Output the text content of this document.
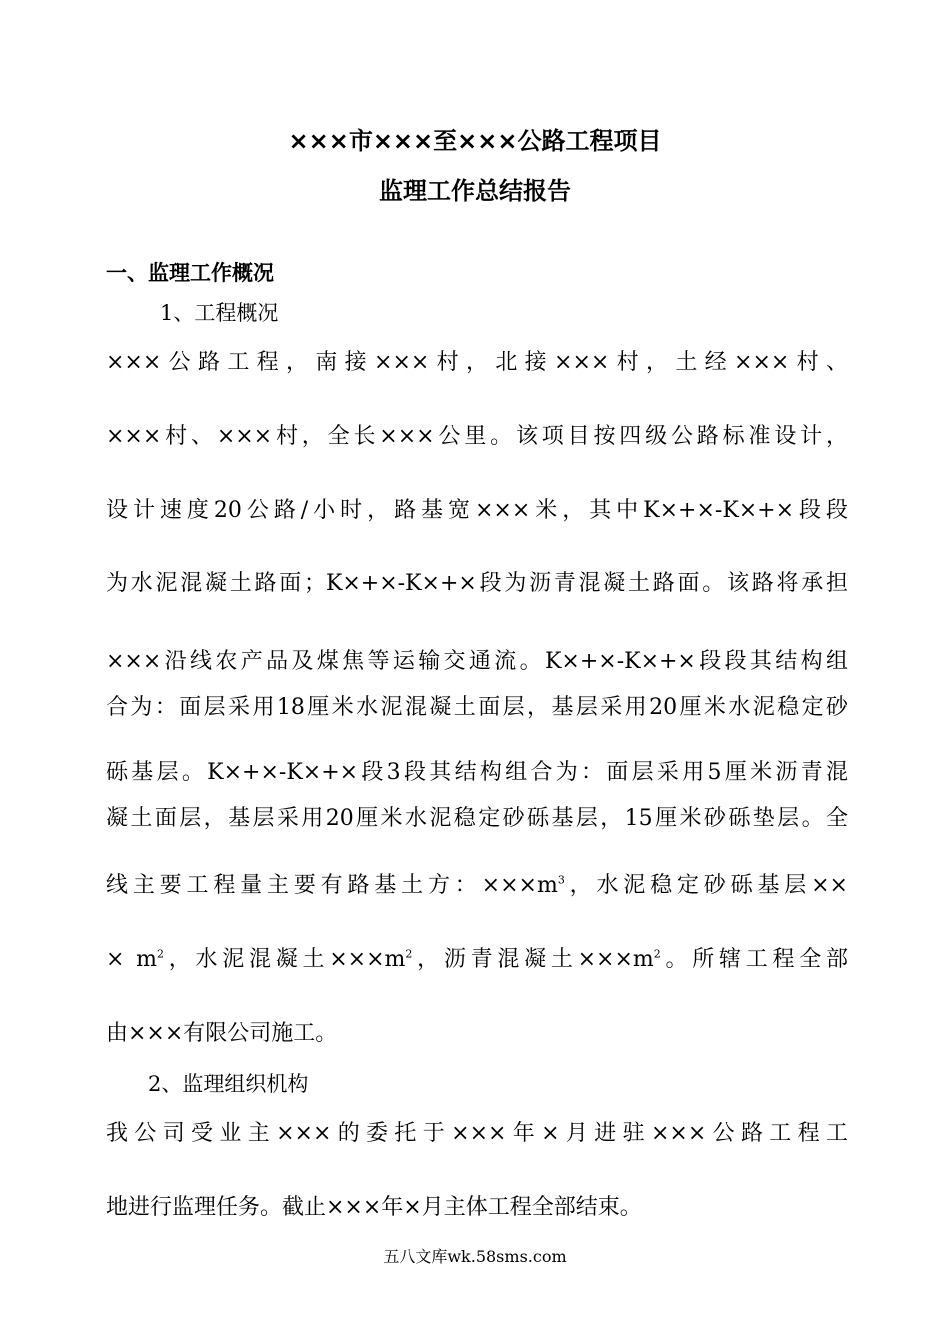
×××市×××至×××公路工程项目
监理工作总结报告
一、监理工作概况
1、工程概况
×××公路工程，南接×××村，北接×××村，土经×××村、
×××村、×××村，全长×××公里。该项目按四级公路标准设计，
设计速度20公路/小时，路基宽×××米，其中K×+×-K×+×段段
为水泥混凝土路面；K×+×-K×+×段为沥青混凝土路面。该路将承担
×××沿线农产品及煤焦等运输交通流。K×+×-K×+×段段其结构组
合为：面层采用18厘米水泥混凝土面层，基层采用20厘米水泥稳定砂
砾基层。K×+×-K×+×段3段其结构组合为：面层采用5厘米沥青混
凝土面层，基层采用20厘米水泥稳定砂砾基层，15厘米砂砾垫层。全
线主要工程量主要有路基土方：$\times\times\times m^3$，水泥稳定砂砾基层××
× $m^2$，水泥混凝土$\times\times\times m^2$，沥青混凝土$\times\times\times m^2$。所辖工程全部
由×××有限公司施工。
2、监理组织机构
我公司受业主×××的委托于×××年×月进驻×××公路工程工
地进行监理任务。截止×××年×月主体工程全部结束。
五八文库wk.58sms.com
